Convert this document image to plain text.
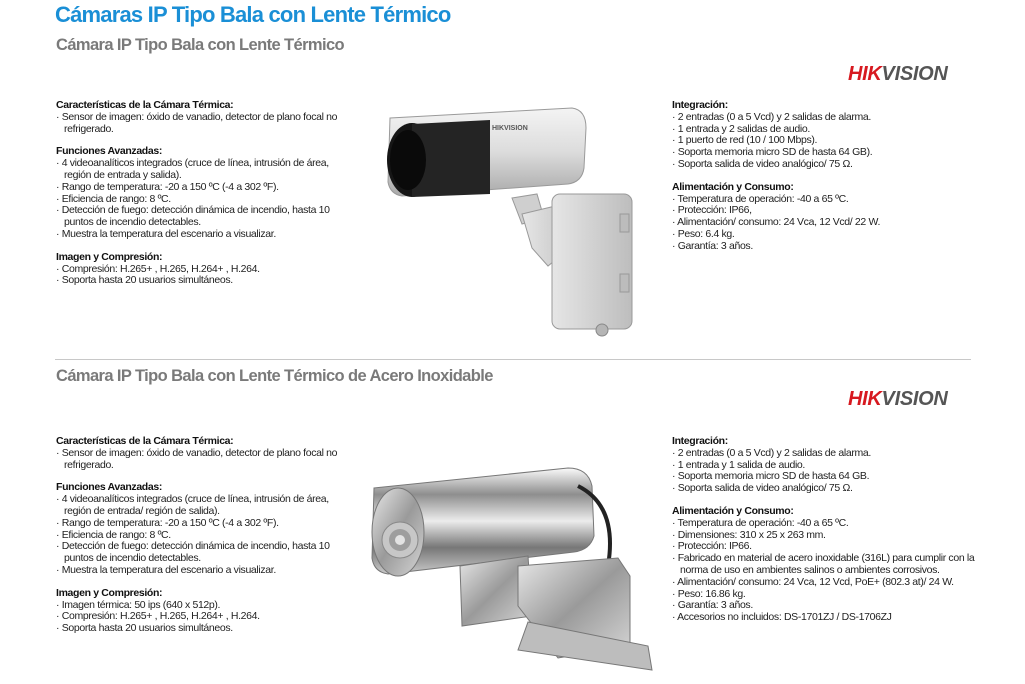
Cámaras IP Tipo Bala con Lente Térmico
Cámara IP Tipo Bala con Lente Térmico
HIKVISION
Características de la Cámara Térmica:
· Sensor de imagen: óxido de vanadio, detector de plano focal no refrigerado.
Funciones Avanzadas:
· 4 videoanalíticos integrados (cruce de línea, intrusión de área, región de entrada y salida).
· Rango de temperatura: -20 a 150 ºC (-4 a 302 ºF).
· Eficiencia de rango: 8 ºC.
· Detección de fuego: detección dinámica de incendio, hasta 10 puntos de incendio detectables.
· Muestra la temperatura del escenario a visualizar.
Imagen y Compresión:
· Compresión: H.265+ , H.265, H.264+ , H.264.
· Soporta hasta 20 usuarios simultáneos.
Integración:
· 2 entradas (0 a 5 Vcd) y 2 salidas de alarma.
· 1 entrada y 2 salidas de audio.
· 1 puerto de red (10 / 100 Mbps).
· Soporta memoria micro SD de hasta 64 GB).
· Soporta salida de video analógico/ 75 Ω.
Alimentación y Consumo:
· Temperatura de operación: -40 a 65 ºC.
· Protección: IP66,
· Alimentación/ consumo: 24 Vca, 12 Vcd/ 22 W.
· Peso: 6.4 kg.
· Garantía: 3 años.
HIKVISION
Cámara IP Tipo Bala con Lente Térmico de Acero Inoxidable
HIKVISION
Características de la Cámara Térmica:
· Sensor de imagen: óxido de vanadio, detector de plano focal no refrigerado.
Funciones Avanzadas:
· 4 videoanalíticos integrados (cruce de línea, intrusión de área, región de entrada/ región de salida).
· Rango de temperatura: -20 a 150 ºC (-4 a 302 ºF).
· Eficiencia de rango: 8 ºC.
· Detección de fuego: detección dinámica de incendio, hasta 10 puntos de incendio detectables.
· Muestra la temperatura del escenario a visualizar.
Imagen y Compresión:
· Imagen térmica: 50 ips (640 x 512p).
· Compresión: H.265+ , H.265, H.264+ , H.264.
· Soporta hasta 20 usuarios simultáneos.
Integración:
· 2 entradas (0 a 5 Vcd) y 2 salidas de alarma.
· 1 entrada y 1 salida de audio.
· Soporta memoria micro SD de hasta 64 GB.
· Soporta salida de video analógico/ 75 Ω.
Alimentación y Consumo:
· Temperatura de operación: -40 a 65 ºC.
· Dimensiones: 310 x 25 x 263 mm.
· Protección: IP66.
· Fabricado en material de acero inoxidable (316L) para cumplir con la norma de uso en ambientes salinos o ambientes corrosivos.
· Alimentación/ consumo: 24 Vca, 12 Vcd, PoE+ (802.3 at)/ 24 W.
· Peso: 16.86 kg.
· Garantía: 3 años.
· Accesorios no incluidos: DS-1701ZJ / DS-1706ZJ
